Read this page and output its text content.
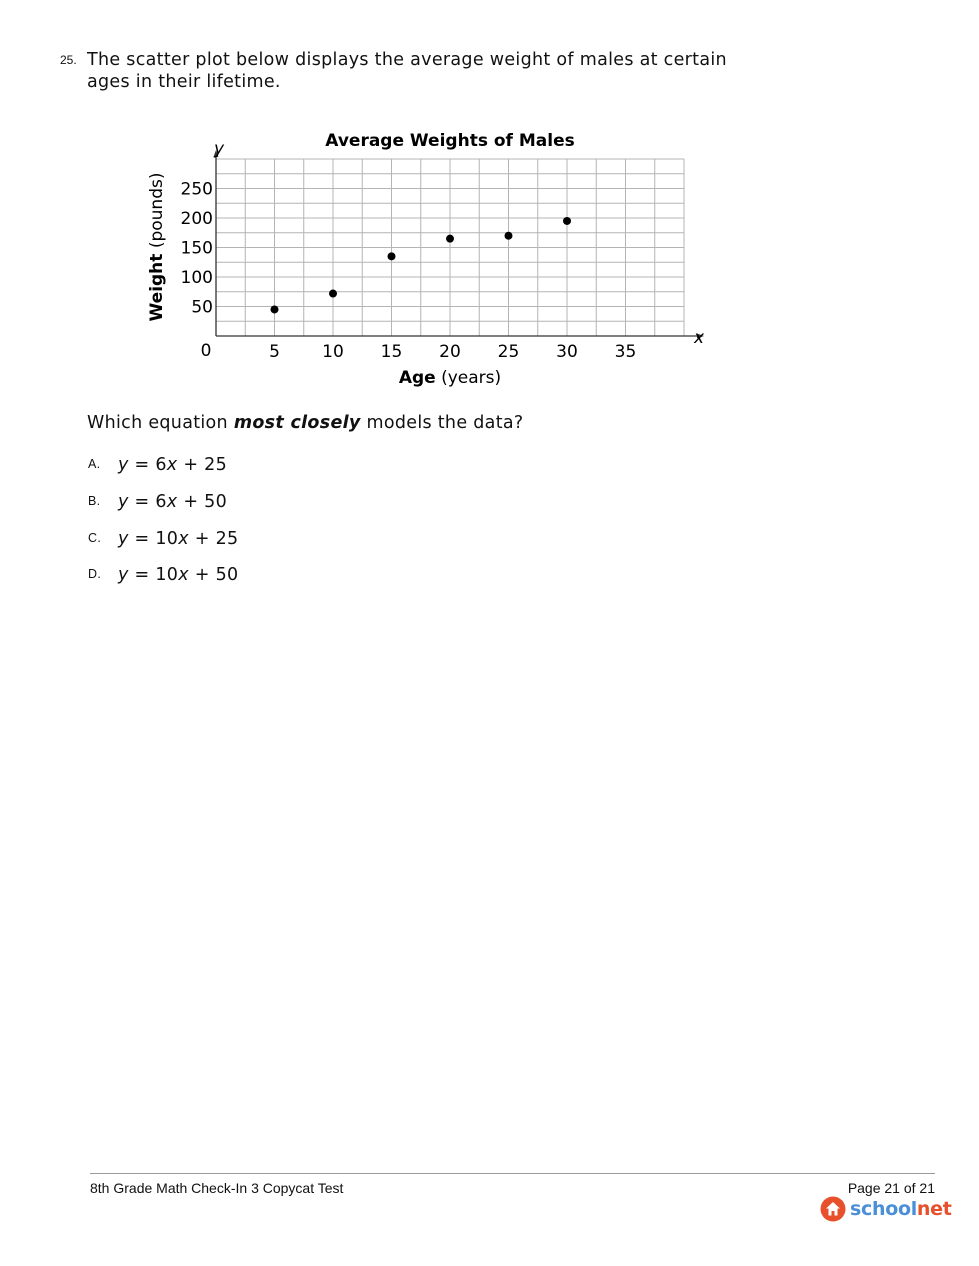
25. The scatter plot below displays the average weight of males at certain
ages in their lifetime.
Average Weights of Males
y
x
0
50
100
150
200
250
5 10 15 20 25 30 35
Age (years)
Weight (pounds)
Which equation most closely models the data?
A. y = 6x + 25
B. y = 6x + 50
C. y = 10x + 25
D. y = 10x + 50
8th Grade Math Check-In 3 Copycat Test	Page 21 of 21
schoolnet
